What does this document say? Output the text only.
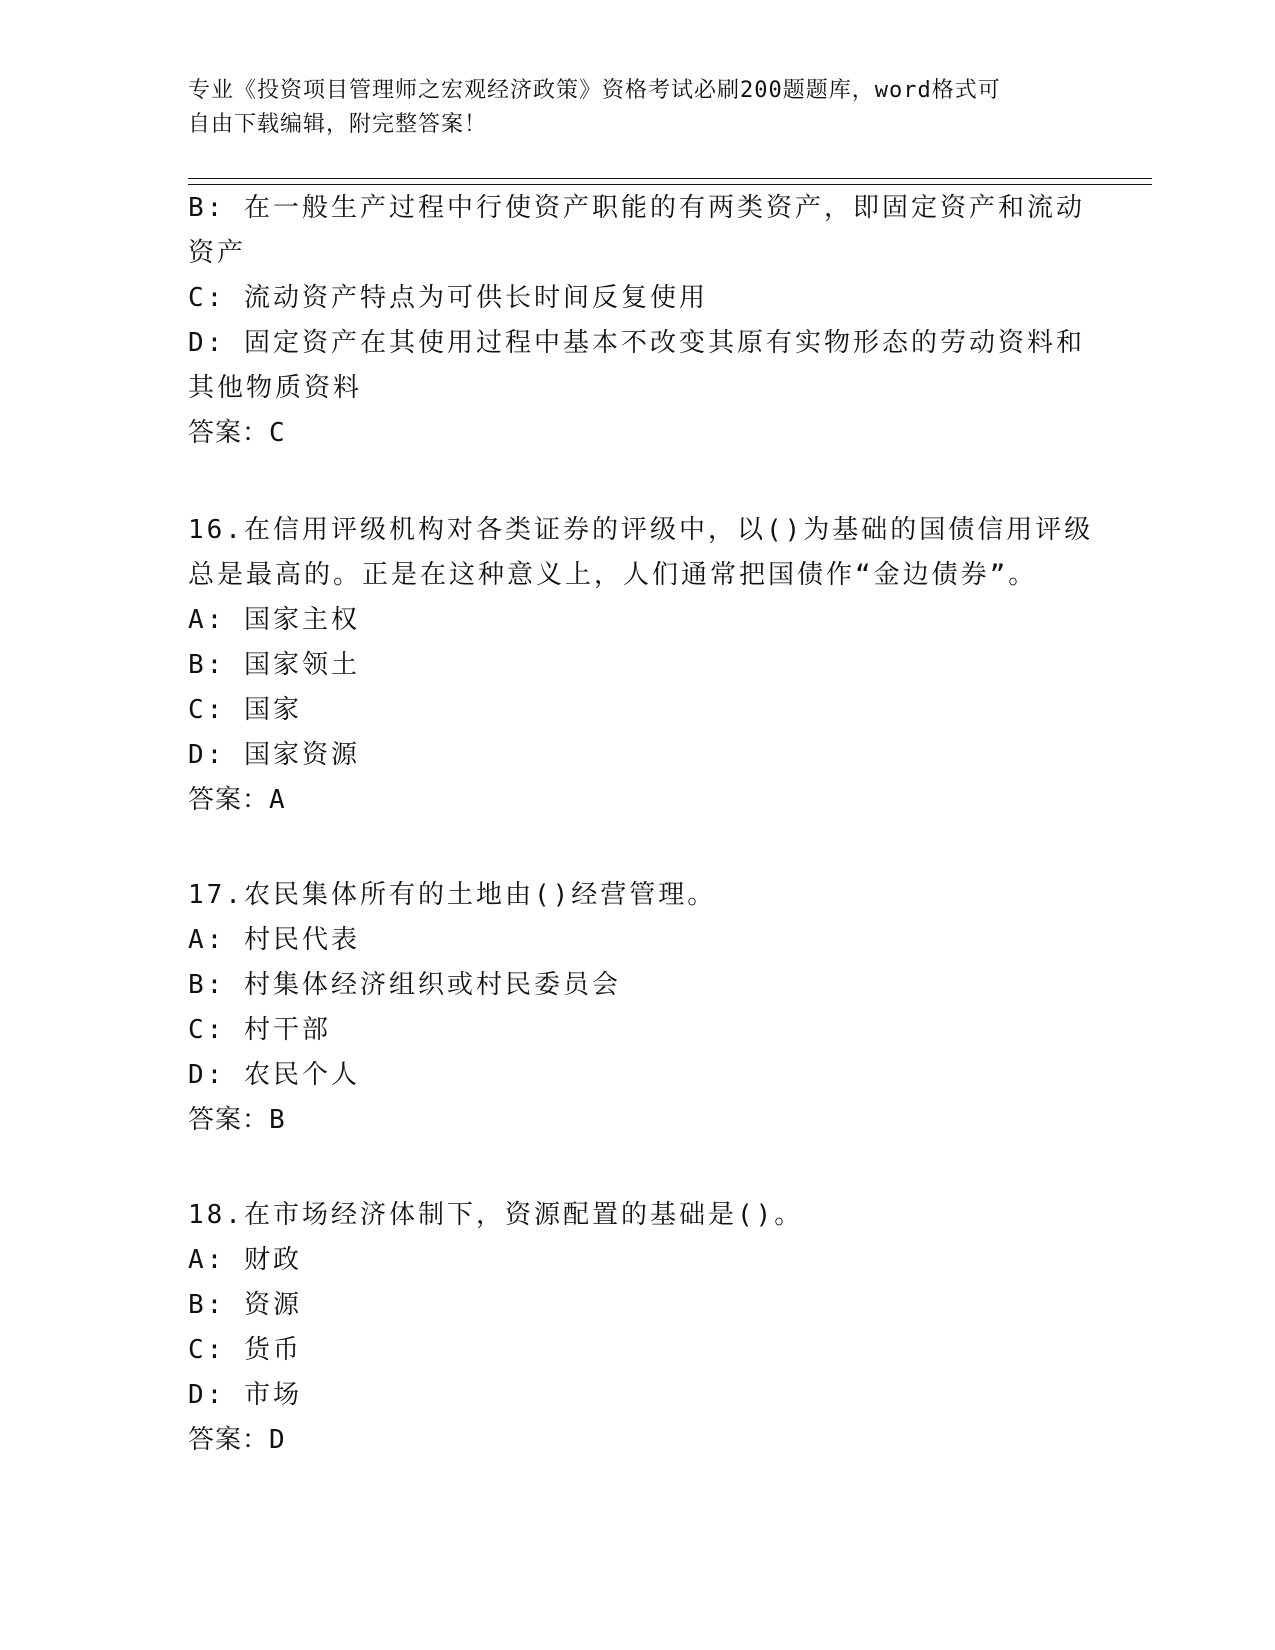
专业《投资项目管理师之宏观经济政策》资格考试必刷200题题库，word格式可
自由下载编辑，附完整答案！
B: 在一般生产过程中行使资产职能的有两类资产，即固定资产和流动
资产
C: 流动资产特点为可供长时间反复使用
D: 固定资产在其使用过程中基本不改变其原有实物形态的劳动资料和
其他物质资料
答案：C
16.在信用评级机构对各类证券的评级中，以()为基础的国债信用评级
总是最高的。正是在这种意义上，人们通常把国债作“金边债券”。
A: 国家主权
B: 国家领土
C: 国家
D: 国家资源
答案：A
17.农民集体所有的土地由()经营管理。
A: 村民代表
B: 村集体经济组织或村民委员会
C: 村干部
D: 农民个人
答案：B
18.在市场经济体制下，资源配置的基础是()。
A: 财政
B: 资源
C: 货币
D: 市场
答案：D
